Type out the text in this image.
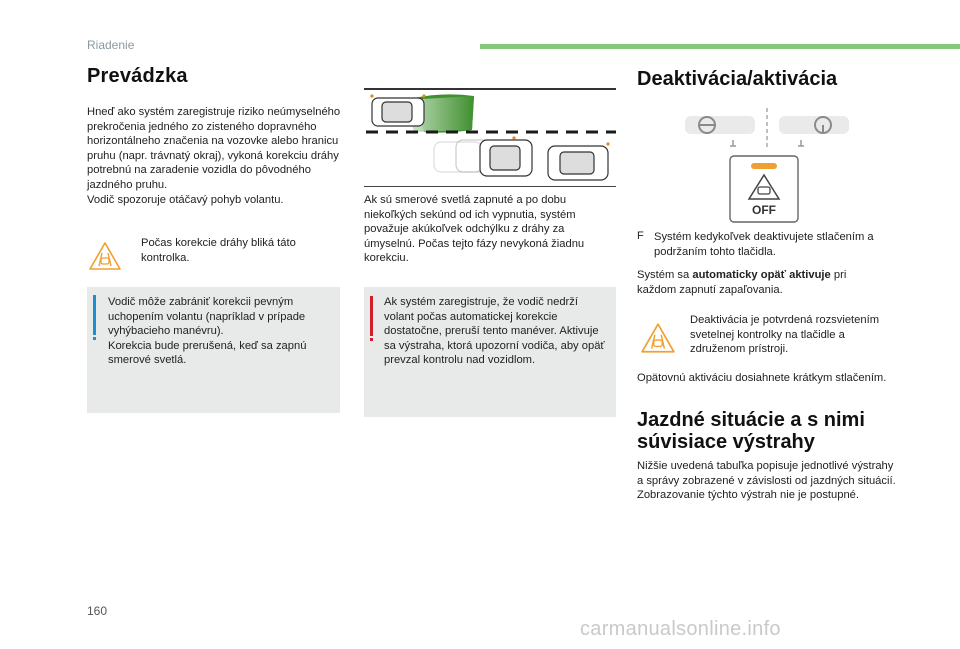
Riadenie
Prevádzka
Hneď ako systém zaregistruje riziko neúmyselného prekročenia jedného zo zisteného dopravného horizontálneho značenia na vozovke alebo hranicu pruhu (napr. trávnatý okraj), vykoná korekciu dráhy potrebnú na zaradenie vozidla do pôvodného jazdného pruhu.
Vodič spozoruje otáčavý pohyb volantu.
Počas korekcie dráhy bliká táto kontrolka.
Vodič môže zabrániť korekcii pevným uchopením volantu (napríklad v prípade vyhýbacieho manévru).
Korekcia bude prerušená, keď sa zapnú smerové svetlá.
Ak sú smerové svetlá zapnuté a po dobu niekoľkých sekúnd od ich vypnutia, systém považuje akúkoľvek odchýlku z dráhy za úmyselnú. Počas tejto fázy nevykoná žiadnu korekciu.
Ak systém zaregistruje, že vodič nedrží volant počas automatickej korekcie dostatočne, preruší tento manéver. Aktivuje sa výstraha, ktorá upozorní vodiča, aby opäť prevzal kontrolu nad vozidlom.
Deaktivácia/aktivácia
OFF
F Systém kedykoľvek deaktivujete stlačením a podržaním tohto tlačidla.
Systém sa automaticky opäť aktivuje pri každom zapnutí zapaľovania.
Deaktivácia je potvrdená rozsvietením svetelnej kontrolky na tlačidle a združenom prístroji.
Opätovnú aktiváciu dosiahnete krátkym stlačením.
Jazdné situácie a s nimi súvisiace výstrahy
Nižšie uvedená tabuľka popisuje jednotlivé výstrahy a správy zobrazené v závislosti od jazdných situácií.
Zobrazovanie týchto výstrah nie je postupné.
160
carmanualsonline.info
